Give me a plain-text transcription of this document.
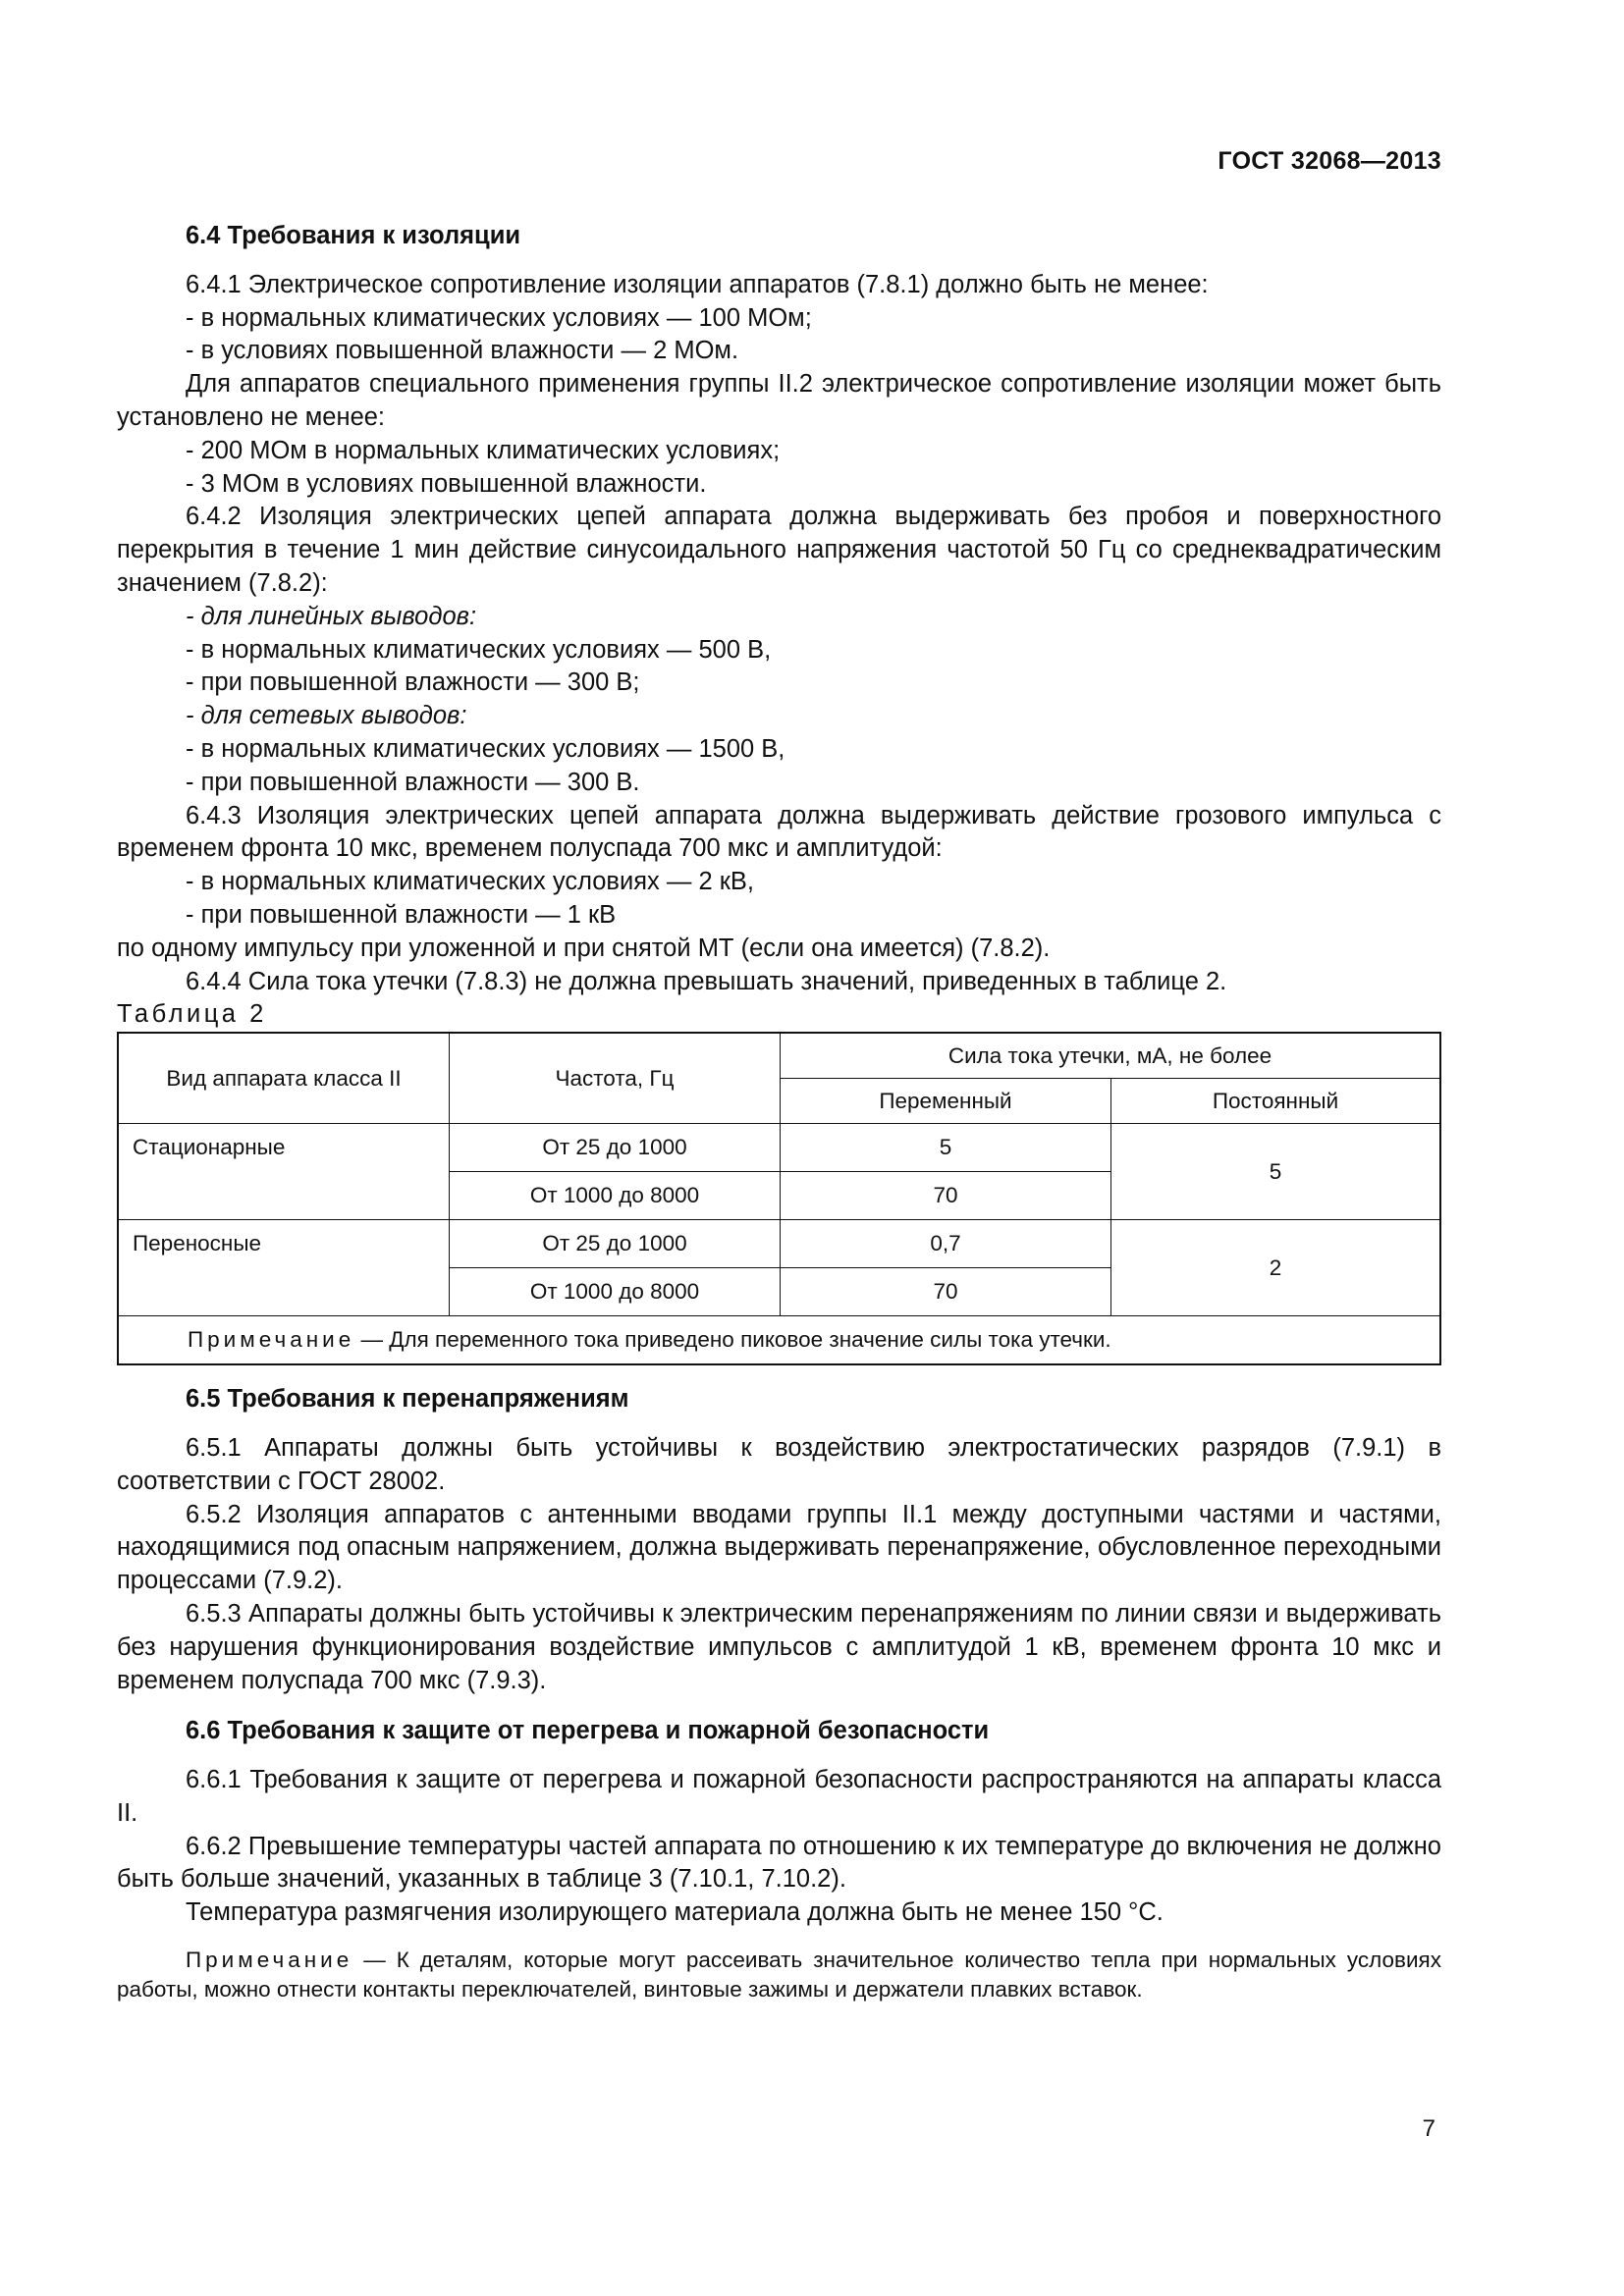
ГОСТ 32068—2013

6.4 Требования к изоляции

6.4.1 Электрическое сопротивление изоляции аппаратов (7.8.1) должно быть не менее:

- в нормальных климатических условиях — 100 МОм;

- в условиях повышенной влажности — 2 МОм.

Для аппаратов специального применения группы II.2 электрическое сопротивление изоляции может быть установлено не менее:

- 200 МОм в нормальных климатических условиях;

- 3 МОм в условиях повышенной влажности.

6.4.2 Изоляция электрических цепей аппарата должна выдерживать без пробоя и поверхностного перекрытия в течение 1 мин действие синусоидального напряжения частотой 50 Гц со среднеквадратическим значением (7.8.2):

- для линейных выводов:

- в нормальных климатических условиях — 500 В,

- при повышенной влажности — 300 В;

- для сетевых выводов:

- в нормальных климатических условиях — 1500 В,

- при повышенной влажности — 300 В.

6.4.3 Изоляция электрических цепей аппарата должна выдерживать действие грозового импульса с временем фронта 10 мкс, временем полуспада 700 мкс и амплитудой:

- в нормальных климатических условиях — 2 кВ,

- при повышенной влажности — 1 кВ

по одному импульсу при уложенной и при снятой МТ (если она имеется) (7.8.2).

6.4.4 Сила тока утечки (7.8.3) не должна превышать значений, приведенных в таблице 2.

Таблица 2

Вид аппарата класса II	Частота, Гц	Сила тока утечки, мА, не более	
		Переменный	Постоянный
Стационарные	От 25 до 1000	5	5
	От 1000 до 8000	70	
Переносные	От 25 до 1000	0,7	2
	От 1000 до 8000	70	
Примечание — Для переменного тока приведено пиковое значение силы тока утечки.			

6.5 Требования к перенапряжениям

6.5.1 Аппараты должны быть устойчивы к воздействию электростатических разрядов (7.9.1) в соответствии с ГОСТ 28002.

6.5.2 Изоляция аппаратов с антенными вводами группы II.1 между доступными частями и частями, находящимися под опасным напряжением, должна выдерживать перенапряжение, обусловленное переходными процессами (7.9.2).

6.5.3 Аппараты должны быть устойчивы к электрическим перенапряжениям по линии связи и выдерживать без нарушения функционирования воздействие импульсов с амплитудой 1 кВ, временем фронта 10 мкс и временем полуспада 700 мкс (7.9.3).

6.6 Требования к защите от перегрева и пожарной безопасности

6.6.1 Требования к защите от перегрева и пожарной безопасности распространяются на аппараты класса II.

6.6.2 Превышение температуры частей аппарата по отношению к их температуре до включения не должно быть больше значений, указанных в таблице 3 (7.10.1, 7.10.2).

Температура размягчения изолирующего материала должна быть не менее 150 °С.

Примечание — К деталям, которые могут рассеивать значительное количество тепла при нормальных условиях работы, можно отнести контакты переключателей, винтовые зажимы и держатели плавких вставок.

7
